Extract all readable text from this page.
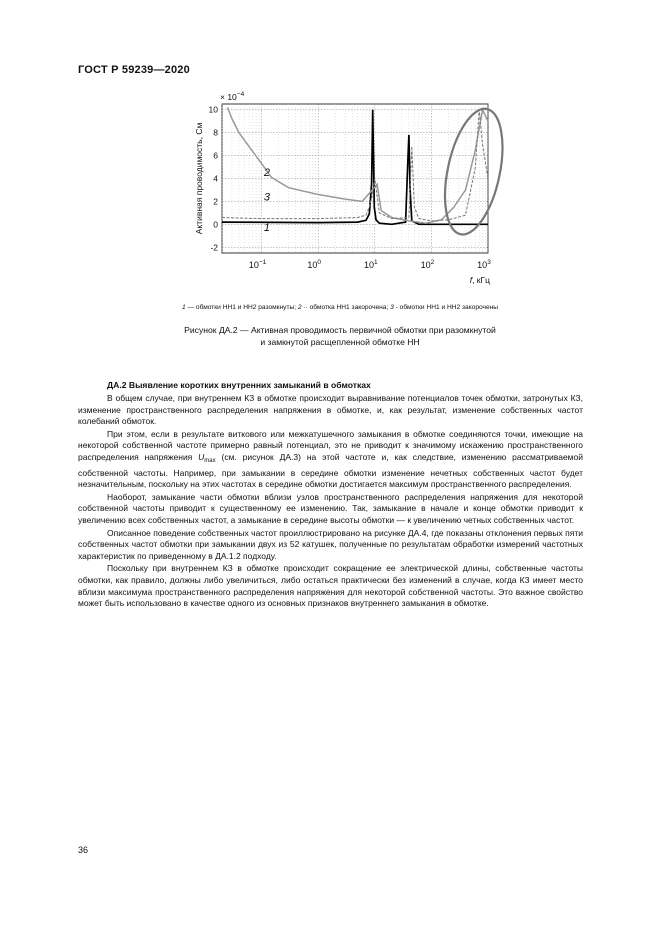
ГОСТ Р 59239—2020
$10^{-1}$	$10^0$	$10^1$	$10^2$	$10^3$
10
8
6
4
2
0
-2
× $10^{-4}$
Активная проводимость, См
f, кГц
2
3
1
1 — обмотки НН1 и НН2 разомкнуты; 2 ·· обмотка НН1 закорочена; 3 - обмотки НН1 и НН2 закорочены
Рисунок ДА.2 — Активная проводимость первичной обмотки при разомкнутой
и замкнутой расщепленной обмотке НН
ДА.2 Выявление коротких внутренних замыканий в обмотках

В общем случае, при внутреннем КЗ в обмотке происходит выравнивание потенциалов точек обмотки, затронутых КЗ, изменение пространственного распределения напряжения в обмотке, и, как результат, изменение собственных частот колебаний обмоток.

При этом, если в результате виткового или межкатушечного замыкания в обмотке соединяются точки, имеющие на некоторой собственной частоте примерно равный потенциал, это не приводит к значимому искажению пространственного распределения напряжения $U_{max}$ (см. рисунок ДА.3) на этой частоте и, как следствие, изменению рассматриваемой собственной частоты. Например, при замыкании в середине обмотки изменение нечетных собственных частот будет незначительным, поскольку на этих частотах в середине обмотки достигается максимум пространственного распределения.

Наоборот, замыкание части обмотки вблизи узлов пространственного распределения напряжения для некоторой собственной частоты приводит к существенному ее изменению. Так, замыкание в начале и конце обмотки приводит к увеличению всех собственных частот, а замыкание в середине высоты обмотки — к увеличению четных собственных частот.

Описанное поведение собственных частот проиллюстрировано на рисунке ДА.4, где показаны отклонения первых пяти собственных частот обмотки при замыкании двух из 52 катушек, полученные по результатам обработки измерений частотных характеристик по приведенному в ДА.1.2 подходу.

Поскольку при внутреннем КЗ в обмотке происходит сокращение ее электрической длины, собственные частоты обмотки, как правило, должны либо увеличиться, либо остаться практически без изменений в случае, когда КЗ имеет место вблизи максимума пространственного распределения напряжения для некоторой собственной частоты. Это важное свойство может быть использовано в качестве одного из основных признаков внутреннего замыкания в обмотке.

36
